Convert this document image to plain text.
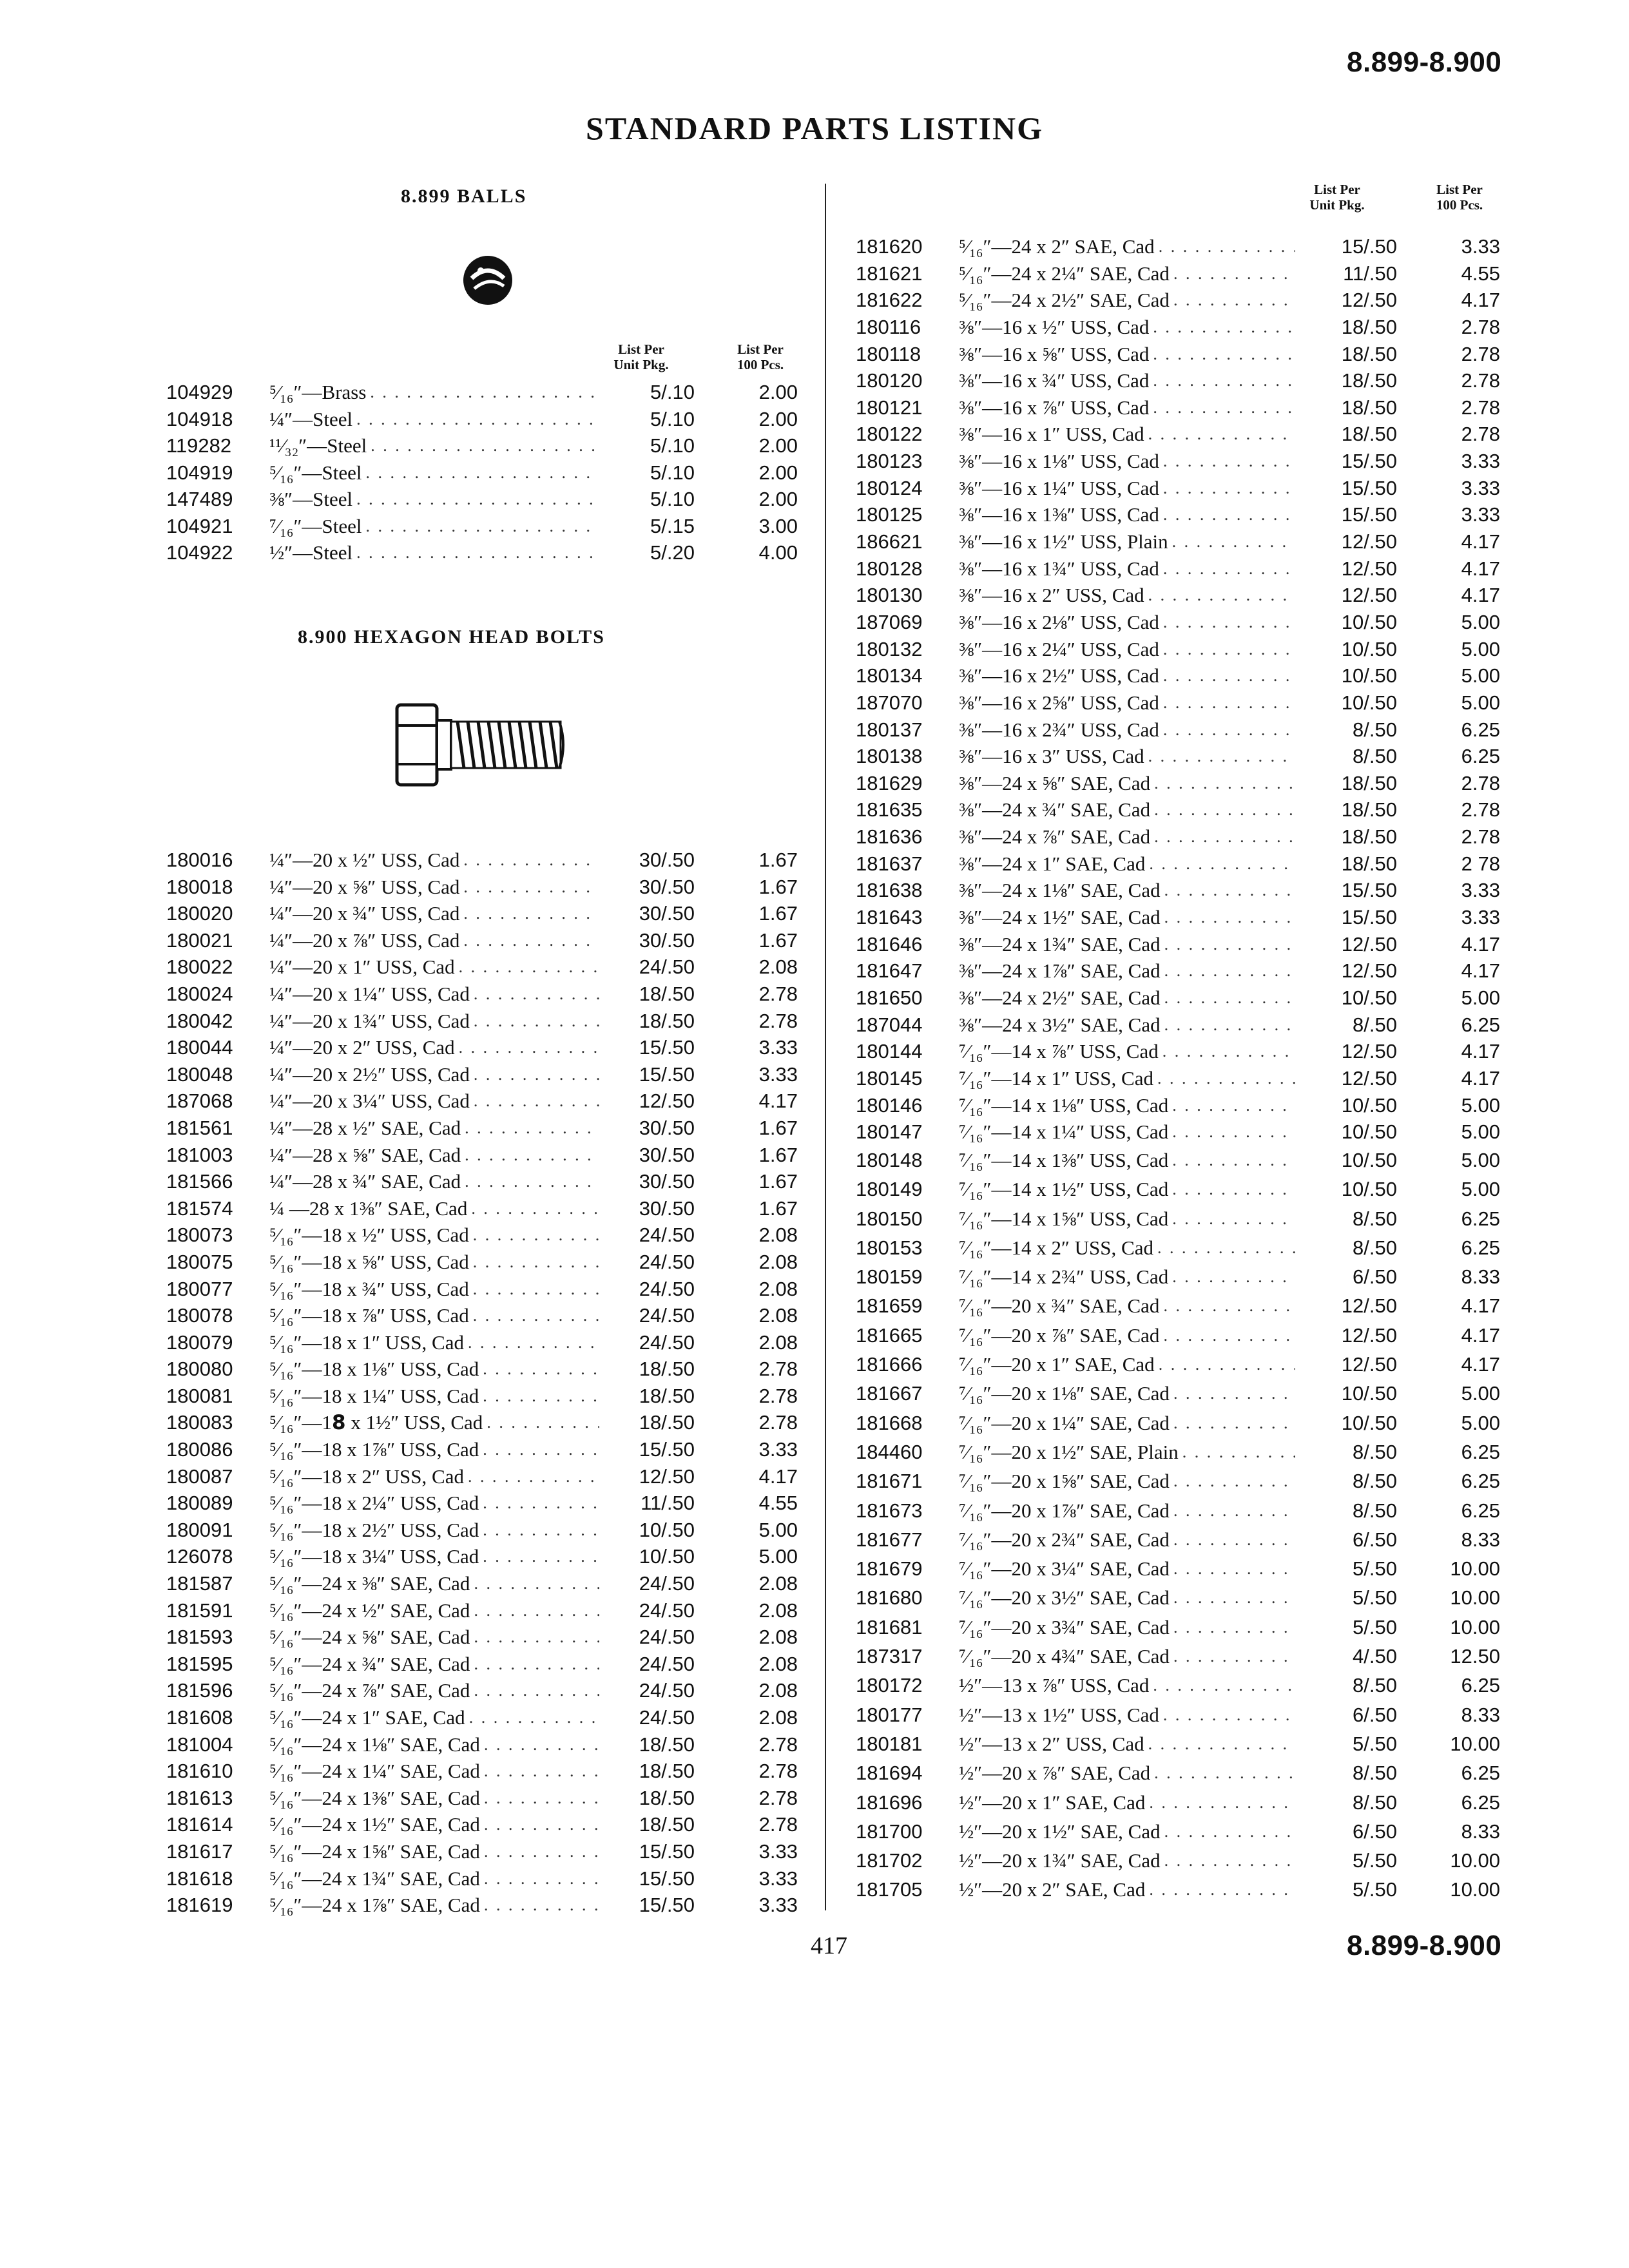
8.899-8.900
STANDARD PARTS LISTING
8.899 BALLS
List Per
Unit Pkg.
List Per
100 Pcs.
104929	⁵⁄₁₆″—Brass . . .	5/.10	2.00
104918	¼″—Steel . . .	5/.10	2.00
119282	¹¹⁄₃₂″—Steel . . .	5/.10	2.00
104919	⁵⁄₁₆″—Steel . . .	5/.10	2.00
147489	⅜″—Steel . . .	5/.10	2.00
104921	⁷⁄₁₆″—Steel . . .	5/.15	3.00
104922	½″—Steel . . .	5/.20	4.00
8.900 HEXAGON HEAD BOLTS
180016	¼″—20 x ½″ USS, Cad . . .	30/.50	1.67
180018	¼″—20 x ⅝″ USS, Cad . . .	30/.50	1.67
180020	¼″—20 x ¾″ USS, Cad . . .	30/.50	1.67
180021	¼″—20 x ⅞″ USS, Cad . . .	30/.50	1.67
180022	¼″—20 x 1″ USS, Cad . . .	24/.50	2.08
180024	¼″—20 x 1¼″ USS, Cad . . .	18/.50	2.78
180042	¼″—20 x 1¾″ USS, Cad . . .	18/.50	2.78
180044	¼″—20 x 2″ USS, Cad . . .	15/.50	3.33
180048	¼″—20 x 2½″ USS, Cad . . .	15/.50	3.33
187068	¼″—20 x 3¼″ USS, Cad . . .	12/.50	4.17
181561	¼″—28 x ½″ SAE, Cad . . .	30/.50	1.67
181003	¼″—28 x ⅝″ SAE, Cad . . .	30/.50	1.67
181566	¼″—28 x ¾″ SAE, Cad . . .	30/.50	1.67
181574	¼ —28 x 1⅜″ SAE, Cad . . .	30/.50	1.67
180073	⁵⁄₁₆″—18 x ½″ USS, Cad . . .	24/.50	2.08
180075	⁵⁄₁₆″—18 x ⅝″ USS, Cad . . .	24/.50	2.08
180077	⁵⁄₁₆″—18 x ¾″ USS, Cad . . .	24/.50	2.08
180078	⁵⁄₁₆″—18 x ⅞″ USS, Cad . . .	24/.50	2.08
180079	⁵⁄₁₆″—18 x 1″ USS, Cad . . .	24/.50	2.08
180080	⁵⁄₁₆″—18 x 1⅛″ USS, Cad . . .	18/.50	2.78
180081	⁵⁄₁₆″—18 x 1¼″ USS, Cad . . .	18/.50	2.78
180083	⁵⁄₁₆″—1𝟴 x 1½″ USS, Cad . . .	18/.50	2.78
180086	⁵⁄₁₆″—18 x 1⅞″ USS, Cad . . .	15/.50	3.33
180087	⁵⁄₁₆″—18 x 2″ USS, Cad . . .	12/.50	4.17
180089	⁵⁄₁₆″—18 x 2¼″ USS, Cad . . .	11/.50	4.55
180091	⁵⁄₁₆″—18 x 2½″ USS, Cad . . .	10/.50	5.00
126078	⁵⁄₁₆″—18 x 3¼″ USS, Cad . . .	10/.50	5.00
181587	⁵⁄₁₆″—24 x ⅜″ SAE, Cad . . .	24/.50	2.08
181591	⁵⁄₁₆″—24 x ½″ SAE, Cad . . .	24/.50	2.08
181593	⁵⁄₁₆″—24 x ⅝″ SAE, Cad . . .	24/.50	2.08
181595	⁵⁄₁₆″—24 x ¾″ SAE, Cad . . .	24/.50	2.08
181596	⁵⁄₁₆″—24 x ⅞″ SAE, Cad . . .	24/.50	2.08
181608	⁵⁄₁₆″—24 x 1″ SAE, Cad . . .	24/.50	2.08
181004	⁵⁄₁₆″—24 x 1⅛″ SAE, Cad . . .	18/.50	2.78
181610	⁵⁄₁₆″—24 x 1¼″ SAE, Cad . . .	18/.50	2.78
181613	⁵⁄₁₆″—24 x 1⅜″ SAE, Cad . . .	18/.50	2.78
181614	⁵⁄₁₆″—24 x 1½″ SAE, Cad . . .	18/.50	2.78
181617	⁵⁄₁₆″—24 x 1⅝″ SAE, Cad . . .	15/.50	3.33
181618	⁵⁄₁₆″—24 x 1¾″ SAE, Cad . . .	15/.50	3.33
181619	⁵⁄₁₆″—24 x 1⅞″ SAE, Cad . . .	15/.50	3.33
List Per
Unit Pkg.
List Per
100 Pcs.
181620	⁵⁄₁₆″—24 x 2″ SAE, Cad . . .	15/.50	3.33
181621	⁵⁄₁₆″—24 x 2¼″ SAE, Cad . . .	11/.50	4.55
181622	⁵⁄₁₆″—24 x 2½″ SAE, Cad . . .	12/.50	4.17
180116	⅜″—16 x ½″ USS, Cad . . .	18/.50	2.78
180118	⅜″—16 x ⅝″ USS, Cad . . .	18/.50	2.78
180120	⅜″—16 x ¾″ USS, Cad . . .	18/.50	2.78
180121	⅜″—16 x ⅞″ USS, Cad . . .	18/.50	2.78
180122	⅜″—16 x 1″ USS, Cad . . .	18/.50	2.78
180123	⅜″—16 x 1⅛″ USS, Cad . . .	15/.50	3.33
180124	⅜″—16 x 1¼″ USS, Cad . . .	15/.50	3.33
180125	⅜″—16 x 1⅜″ USS, Cad . . .	15/.50	3.33
186621	⅜″—16 x 1½″ USS, Plain . . .	12/.50	4.17
180128	⅜″—16 x 1¾″ USS, Cad . . .	12/.50	4.17
180130	⅜″—16 x 2″ USS, Cad . . .	12/.50	4.17
187069	⅜″—16 x 2⅛″ USS, Cad . . .	10/.50	5.00
180132	⅜″—16 x 2¼″ USS, Cad . . .	10/.50	5.00
180134	⅜″—16 x 2½″ USS, Cad . . .	10/.50	5.00
187070	⅜″—16 x 2⅝″ USS, Cad . . .	10/.50	5.00
180137	⅜″—16 x 2¾″ USS, Cad . . .	8/.50	6.25
180138	⅜″—16 x 3″ USS, Cad . . .	8/.50	6.25
181629	⅜″—24 x ⅝″ SAE, Cad . . .	18/.50	2.78
181635	⅜″—24 x ¾″ SAE, Cad . . .	18/.50	2.78
181636	⅜″—24 x ⅞″ SAE, Cad . . .	18/.50	2.78
181637	⅜″—24 x 1″ SAE, Cad . . .	18/.50	2 78
181638	⅜″—24 x 1⅛″ SAE, Cad . . .	15/.50	3.33
181643	⅜″—24 x 1½″ SAE, Cad . . .	15/.50	3.33
181646	⅜″—24 x 1¾″ SAE, Cad . . .	12/.50	4.17
181647	⅜″—24 x 1⅞″ SAE, Cad . . .	12/.50	4.17
181650	⅜″—24 x 2½″ SAE, Cad . . .	10/.50	5.00
187044	⅜″—24 x 3½″ SAE, Cad . . .	8/.50	6.25
180144	⁷⁄₁₆″—14 x ⅞″ USS, Cad . . .	12/.50	4.17
180145	⁷⁄₁₆″—14 x 1″ USS, Cad . . .	12/.50	4.17
180146	⁷⁄₁₆″—14 x 1⅛″ USS, Cad . . .	10/.50	5.00
180147	⁷⁄₁₆″—14 x 1¼″ USS, Cad . . .	10/.50	5.00
180148	⁷⁄₁₆″—14 x 1⅜″ USS, Cad . . .	10/.50	5.00
180149	⁷⁄₁₆″—14 x 1½″ USS, Cad . . .	10/.50	5.00
180150	⁷⁄₁₆″—14 x 1⅝″ USS, Cad . . .	8/.50	6.25
180153	⁷⁄₁₆″—14 x 2″ USS, Cad . . .	8/.50	6.25
180159	⁷⁄₁₆″—14 x 2¾″ USS, Cad . . .	6/.50	8.33
181659	⁷⁄₁₆″—20 x ¾″ SAE, Cad . . .	12/.50	4.17
181665	⁷⁄₁₆″—20 x ⅞″ SAE, Cad . . .	12/.50	4.17
181666	⁷⁄₁₆″—20 x 1″ SAE, Cad . . .	12/.50	4.17
181667	⁷⁄₁₆″—20 x 1⅛″ SAE, Cad . . .	10/.50	5.00
181668	⁷⁄₁₆″—20 x 1¼″ SAE, Cad . . .	10/.50	5.00
184460	⁷⁄₁₆″—20 x 1½″ SAE, Plain . . .	8/.50	6.25
181671	⁷⁄₁₆″—20 x 1⅝″ SAE, Cad . . .	8/.50	6.25
181673	⁷⁄₁₆″—20 x 1⅞″ SAE, Cad . . .	8/.50	6.25
181677	⁷⁄₁₆″—20 x 2¾″ SAE, Cad . . .	6/.50	8.33
181679	⁷⁄₁₆″—20 x 3¼″ SAE, Cad . . .	5/.50	10.00
181680	⁷⁄₁₆″—20 x 3½″ SAE, Cad . . .	5/.50	10.00
181681	⁷⁄₁₆″—20 x 3¾″ SAE, Cad . . .	5/.50	10.00
187317	⁷⁄₁₆″—20 x 4¾″ SAE, Cad . . .	4/.50	12.50
180172	½″—13 x ⅞″ USS, Cad . . .	8/.50	6.25
180177	½″—13 x 1½″ USS, Cad . . .	6/.50	8.33
180181	½″—13 x 2″ USS, Cad . . .	5/.50	10.00
181694	½″—20 x ⅞″ SAE, Cad . . .	8/.50	6.25
181696	½″—20 x 1″ SAE, Cad . . .	8/.50	6.25
181700	½″—20 x 1½″ SAE, Cad . . .	6/.50	8.33
181702	½″—20 x 1¾″ SAE, Cad . . .	5/.50	10.00
181705	½″—20 x 2″ SAE, Cad . . .	5/.50	10.00
417	8.899-8.900
